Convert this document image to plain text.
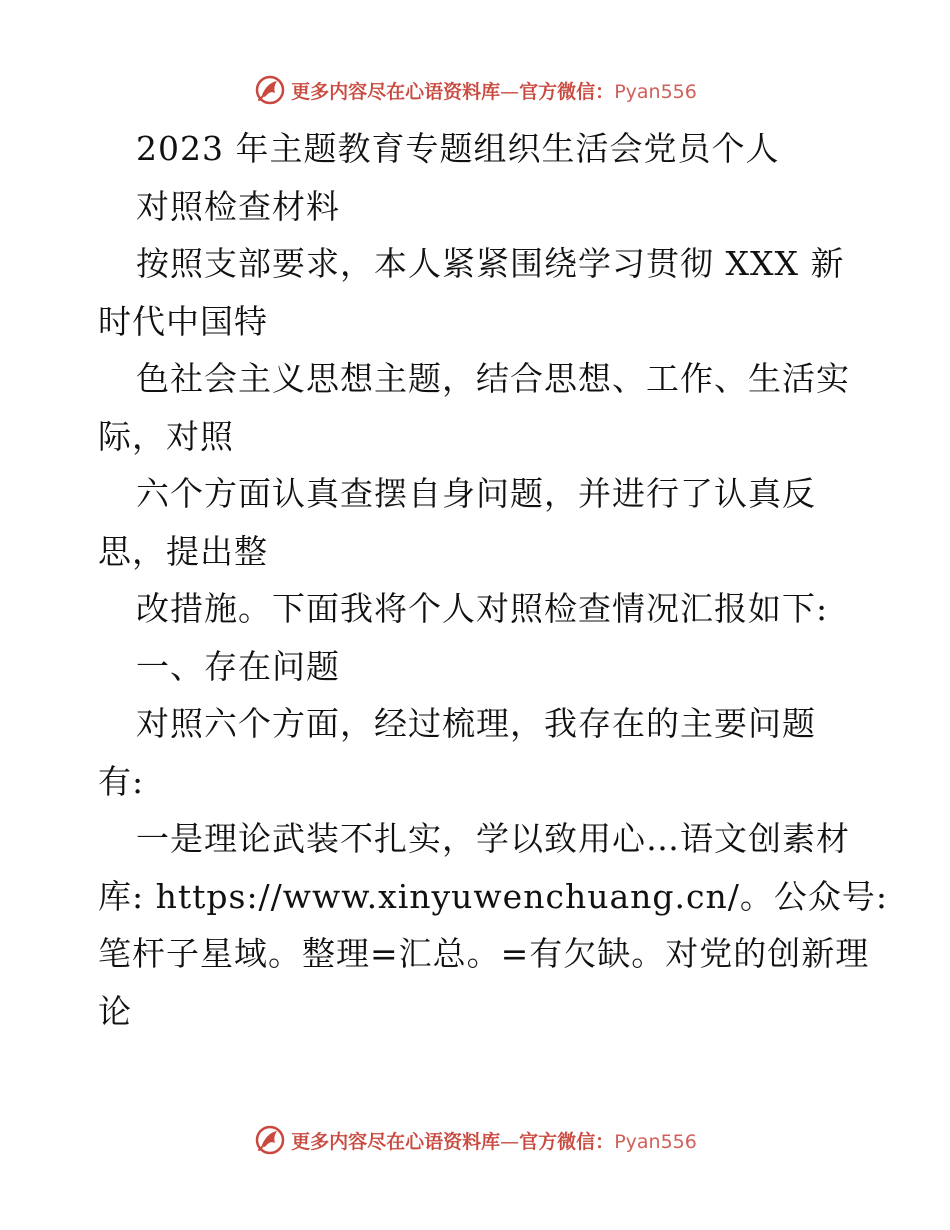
更多内容尽在心语资料库—官方微信：Pyan556
2023 年主题教育专题组织生活会党员个人
对照检查材料
按照支部要求，本人紧紧围绕学习贯彻 XXX 新
时代中国特
色社会主义思想主题，结合思想、工作、生活实
际，对照
六个方面认真查摆自身问题，并进行了认真反
思，提出整
改措施。下面我将个人对照检查情况汇报如下:
一、存在问题
对照六个方面，经过梳理，我存在的主要问题
有:
一是理论武装不扎实，学以致用心…语文创素材
库: https://www.xinyuwenchuang.cn/。公众号:
笔杆子星域。整理=汇总。=有欠缺。对党的创新理
论
更多内容尽在心语资料库—官方微信：Pyan556
